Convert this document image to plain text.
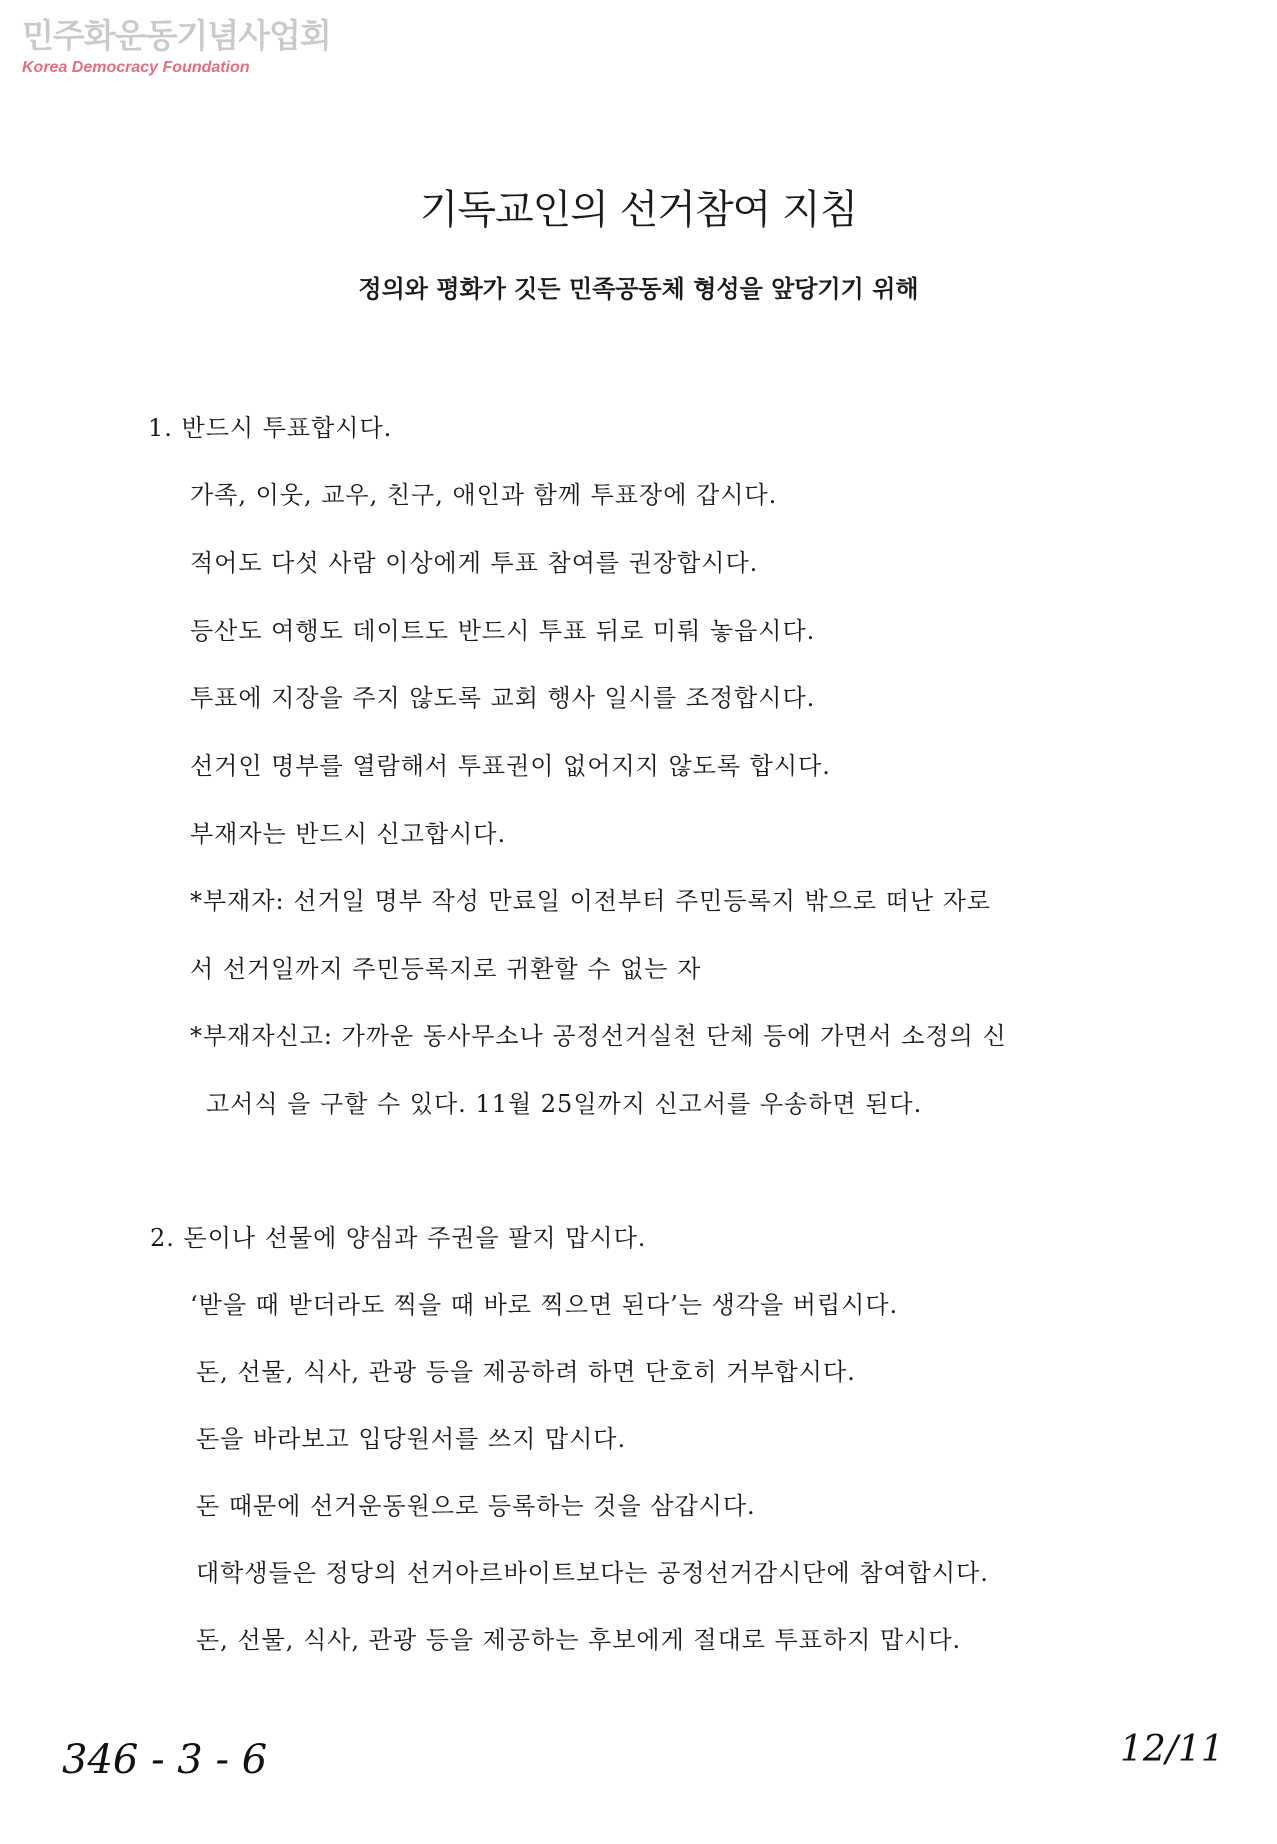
민주화운동기념사업회
Korea Democracy Foundation
기독교인의 선거참여 지침
정의와 평화가 깃든 민족공동체 형성을 앞당기기 위해
1. 반드시 투표합시다.
가족, 이웃, 교우, 친구, 애인과 함께 투표장에 갑시다.
적어도 다섯 사람 이상에게 투표 참여를 권장합시다.
등산도 여행도 데이트도 반드시 투표 뒤로 미뤄 놓읍시다.
투표에 지장을 주지 않도록 교회 행사 일시를 조정합시다.
선거인 명부를 열람해서 투표권이 없어지지 않도록 합시다.
부재자는 반드시 신고합시다.
*부재자: 선거일 명부 작성 만료일 이전부터 주민등록지 밖으로 떠난 자로
서 선거일까지 주민등록지로 귀환할 수 없는 자
*부재자신고: 가까운 동사무소나 공정선거실천 단체 등에 가면서 소정의 신
고서식 을 구할 수 있다. 11월 25일까지 신고서를 우송하면 된다.
2. 돈이나 선물에 양심과 주권을 팔지 맙시다.
‘받을 때 받더라도 찍을 때 바로 찍으면 된다’는 생각을 버립시다.
돈, 선물, 식사, 관광 등을 제공하려 하면 단호히 거부합시다.
돈을 바라보고 입당원서를 쓰지 맙시다.
돈 때문에 선거운동원으로 등록하는 것을 삼갑시다.
대학생들은 정당의 선거아르바이트보다는 공정선거감시단에 참여합시다.
돈, 선물, 식사, 관광 등을 제공하는 후보에게 절대로 투표하지 맙시다.
346 - 3 - 6	12/11
